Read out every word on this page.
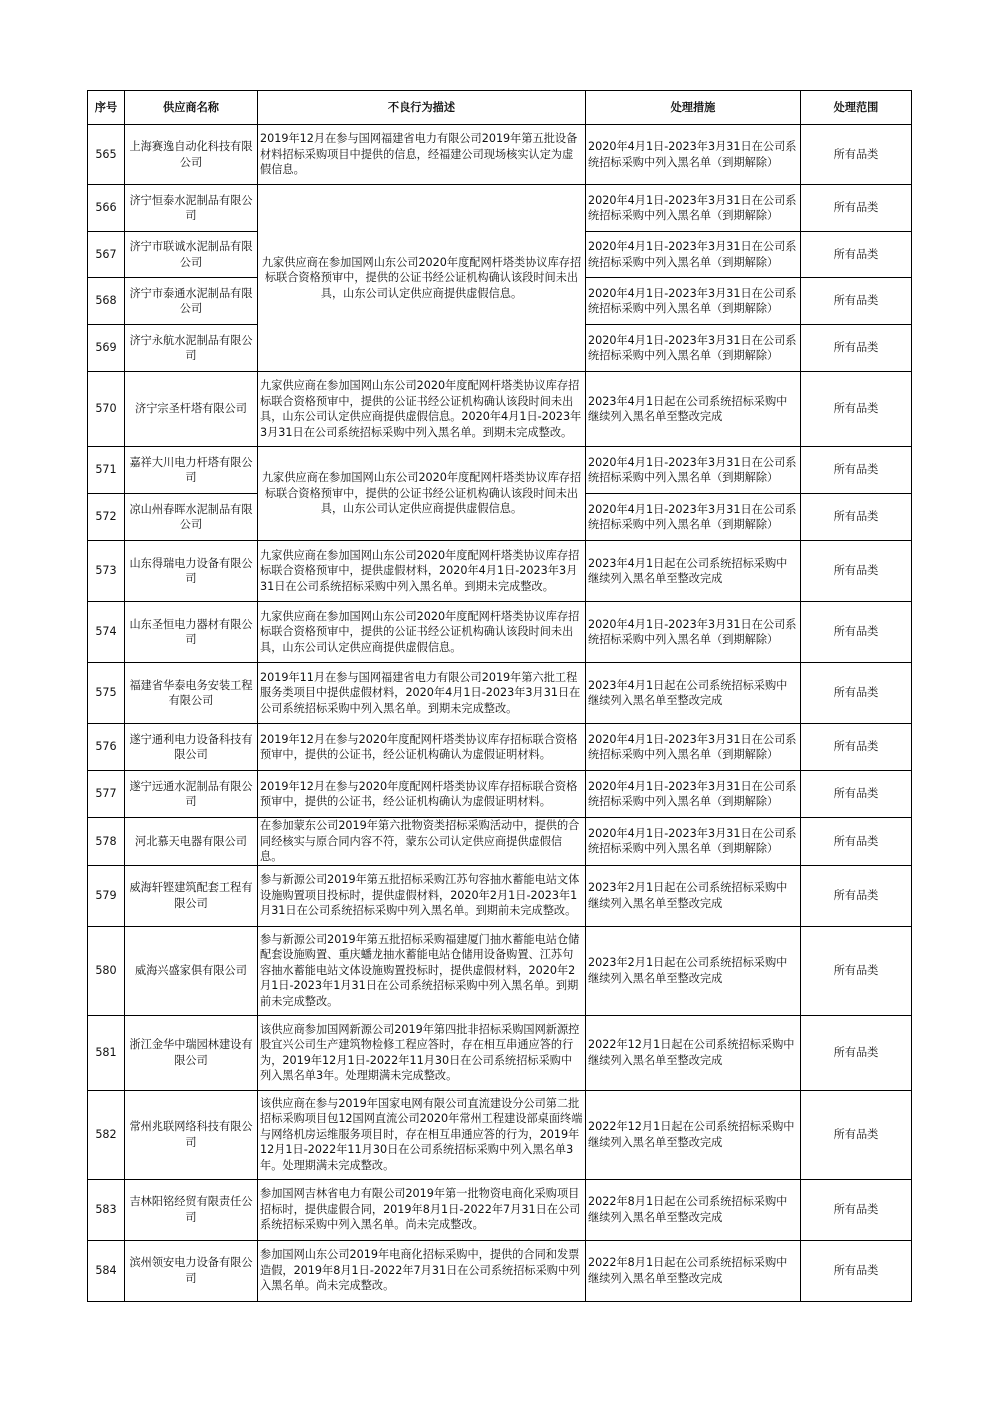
序号	供应商名称	不良行为描述	处理措施	处理范围
565	上海赛逸自动化科技有限公司	2019年12月在参与国网福建省电力有限公司2019年第五批设备材料招标采购项目中提供的信息，经福建公司现场核实认定为虚假信息。	2020年4月1日-2023年3月31日在公司系统招标采购中列入黑名单（到期解除）	所有品类
566	济宁恒泰水泥制品有限公司	九家供应商在参加国网山东公司2020年度配网杆塔类协议库存招标联合资格预审中，提供的公证书经公证机构确认该段时间未出具，山东公司认定供应商提供虚假信息。	2020年4月1日-2023年3月31日在公司系统招标采购中列入黑名单（到期解除）	所有品类
567	济宁市联诚水泥制品有限公司		2020年4月1日-2023年3月31日在公司系统招标采购中列入黑名单（到期解除）	所有品类
568	济宁市泰通水泥制品有限公司		2020年4月1日-2023年3月31日在公司系统招标采购中列入黑名单（到期解除）	所有品类
569	济宁永航水泥制品有限公司		2020年4月1日-2023年3月31日在公司系统招标采购中列入黑名单（到期解除）	所有品类
570	济宁宗圣杆塔有限公司	九家供应商在参加国网山东公司2020年度配网杆塔类协议库存招标联合资格预审中，提供的公证书经公证机构确认该段时间未出具，山东公司认定供应商提供虚假信息。2020年4月1日-2023年3月31日在公司系统招标采购中列入黑名单。到期未完成整改。	2023年4月1日起在公司系统招标采购中继续列入黑名单至整改完成	所有品类
571	嘉祥大川电力杆塔有限公司	九家供应商在参加国网山东公司2020年度配网杆塔类协议库存招标联合资格预审中，提供的公证书经公证机构确认该段时间未出具，山东公司认定供应商提供虚假信息。	2020年4月1日-2023年3月31日在公司系统招标采购中列入黑名单（到期解除）	所有品类
572	凉山州春晖水泥制品有限公司		2020年4月1日-2023年3月31日在公司系统招标采购中列入黑名单（到期解除）	所有品类
573	山东得瑞电力设备有限公司	九家供应商在参加国网山东公司2020年度配网杆塔类协议库存招标联合资格预审中，提供虚假材料，2020年4月1日-2023年3月31日在公司系统招标采购中列入黑名单。到期未完成整改。	2023年4月1日起在公司系统招标采购中继续列入黑名单至整改完成	所有品类
574	山东圣恒电力器材有限公司	九家供应商在参加国网山东公司2020年度配网杆塔类协议库存招标联合资格预审中，提供的公证书经公证机构确认该段时间未出具，山东公司认定供应商提供虚假信息。	2020年4月1日-2023年3月31日在公司系统招标采购中列入黑名单（到期解除）	所有品类
575	福建省华泰电务安装工程有限公司	2019年11月在参与国网福建省电力有限公司2019年第六批工程服务类项目中提供虚假材料，2020年4月1日-2023年3月31日在公司系统招标采购中列入黑名单。到期未完成整改。	2023年4月1日起在公司系统招标采购中继续列入黑名单至整改完成	所有品类
576	遂宁通利电力设备科技有限公司	2019年12月在参与2020年度配网杆塔类协议库存招标联合资格预审中，提供的公证书，经公证机构确认为虚假证明材料。	2020年4月1日-2023年3月31日在公司系统招标采购中列入黑名单（到期解除）	所有品类
577	遂宁远通水泥制品有限公司	2019年12月在参与2020年度配网杆塔类协议库存招标联合资格预审中，提供的公证书，经公证机构确认为虚假证明材料。	2020年4月1日-2023年3月31日在公司系统招标采购中列入黑名单（到期解除）	所有品类
578	河北慕天电器有限公司	在参加蒙东公司2019年第六批物资类招标采购活动中，提供的合同经核实与原合同内容不符，蒙东公司认定供应商提供虚假信息。	2020年4月1日-2023年3月31日在公司系统招标采购中列入黑名单（到期解除）	所有品类
579	威海轩铿建筑配套工程有限公司	参与新源公司2019年第五批招标采购江苏句容抽水蓄能电站文体设施购置项目投标时，提供虚假材料，2020年2月1日-2023年1月31日在公司系统招标采购中列入黑名单。到期前未完成整改。	2023年2月1日起在公司系统招标采购中继续列入黑名单至整改完成	所有品类
580	威海兴盛家俱有限公司	参与新源公司2019年第五批招标采购福建厦门抽水蓄能电站仓储配套设施购置、重庆蟠龙抽水蓄能电站仓储用设备购置、江苏句容抽水蓄能电站文体设施购置投标时，提供虚假材料，2020年2月1日-2023年1月31日在公司系统招标采购中列入黑名单。到期前未完成整改。	2023年2月1日起在公司系统招标采购中继续列入黑名单至整改完成	所有品类
581	浙江金华中瑞园林建设有限公司	该供应商参加国网新源公司2019年第四批非招标采购国网新源控股宜兴公司生产建筑物检修工程应答时，存在相互串通应答的行为，2019年12月1日-2022年11月30日在公司系统招标采购中列入黑名单3年。处理期满未完成整改。	2022年12月1日起在公司系统招标采购中继续列入黑名单至整改完成	所有品类
582	常州兆联网络科技有限公司	该供应商在参与2019年国家电网有限公司直流建设分公司第二批招标采购项目包12国网直流公司2020年常州工程建设部桌面终端与网络机房运维服务项目时，存在相互串通应答的行为，2019年12月1日-2022年11月30日在公司系统招标采购中列入黑名单3年。处理期满未完成整改。	2022年12月1日起在公司系统招标采购中继续列入黑名单至整改完成	所有品类
583	吉林阳铭经贸有限责任公司	参加国网吉林省电力有限公司2019年第一批物资电商化采购项目招标时，提供虚假合同，2019年8月1日-2022年7月31日在公司系统招标采购中列入黑名单。尚未完成整改。	2022年8月1日起在公司系统招标采购中继续列入黑名单至整改完成	所有品类
584	滨州领安电力设备有限公司	参加国网山东公司2019年电商化招标采购中，提供的合同和发票造假，2019年8月1日-2022年7月31日在公司系统招标采购中列入黑名单。尚未完成整改。	2022年8月1日起在公司系统招标采购中继续列入黑名单至整改完成	所有品类
